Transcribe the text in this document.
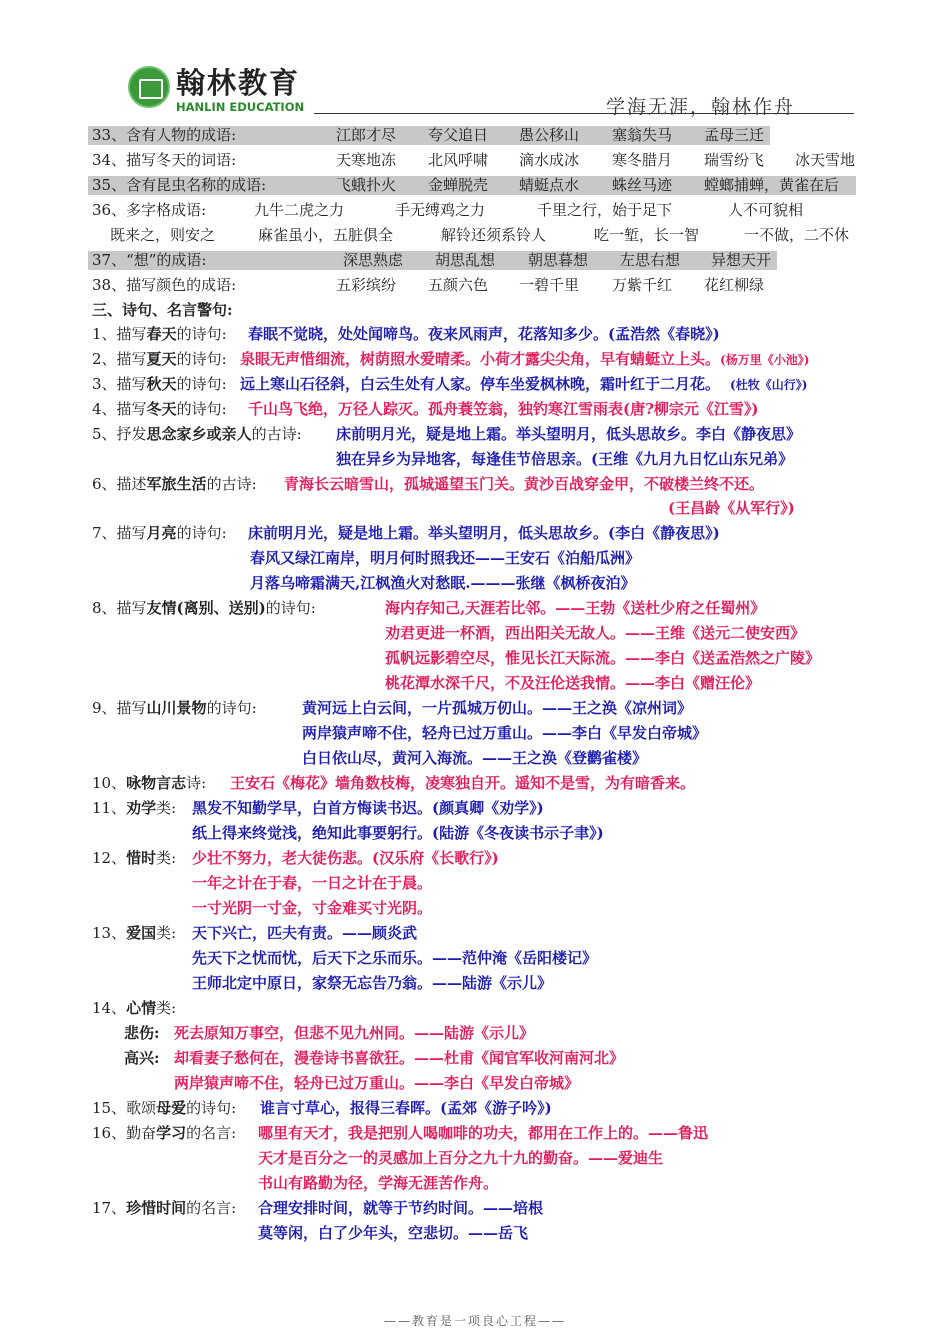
翰林教育
HANLIN EDUCATION	学海无涯，翰林作舟
33、含有人物的成语:	江郎才尽 夸父追日 愚公移山 塞翁失马 孟母三迁
34、描写冬天的词语:	天寒地冻 北风呼啸 滴水成冰 寒冬腊月 瑞雪纷飞 冰天雪地
35、含有昆虫名称的成语:	飞蛾扑火 金蝉脱壳 蜻蜓点水 蛛丝马迹 螳螂捕蝉，黄雀在后
36、多字格成语:	九牛二虎之力	手无缚鸡之力	千里之行，始于足下	人不可貌相
既来之，则安之	麻雀虽小，五脏俱全	解铃还须系铃人	吃一堑，长一智	一不做，二不休
37、“想”的成语:	深思熟虑 胡思乱想 朝思暮想 左思右想 异想天开
38、描写颜色的成语:	五彩缤纷 五颜六色 一碧千里 万紫千红 花红柳绿
三、诗句、名言警句:
1、描写春天的诗句: 春眠不觉晓，处处闻啼鸟。夜来风雨声，花落知多少。(孟浩然《春晓》)
2、描写夏天的诗句: 泉眼无声惜细流，树荫照水爱晴柔。小荷才露尖尖角，早有蜻蜓立上头。(杨万里《小池》)
3、描写秋天的诗句: 远上寒山石径斜，白云生处有人家。停车坐爱枫林晚，霜叶红于二月花。 (杜牧《山行》)
4、描写冬天的诗句: 千山鸟飞绝，万径人踪灭。孤舟蓑笠翁，独钓寒江雪雨表(唐?柳宗元《江雪》)
5、抒发思念家乡或亲人的古诗: 床前明月光，疑是地上霜。举头望明月，低头思故乡。李白《静夜思》
独在异乡为异地客，每逢佳节倍思亲。(王维《九月九日忆山东兄弟》
6、描述军旅生活的古诗: 青海长云暗雪山，孤城遥望玉门关。黄沙百战穿金甲，不破楼兰终不还。
(王昌龄《从军行》)
7、描写月亮的诗句: 床前明月光，疑是地上霜。举头望明月，低头思故乡。(李白《静夜思》)
春风又绿江南岸，明月何时照我还——王安石《泊船瓜洲》
月落乌啼霜满天,江枫渔火对愁眠.———张继《枫桥夜泊》
8、描写友情(离别、送别)的诗句:	海内存知己,天涯若比邻。——王勃《送杜少府之任蜀州》
劝君更进一杯酒，西出阳关无故人。——王维《送元二使安西》
孤帆远影碧空尽，惟见长江天际流。——李白《送孟浩然之广陵》
桃花潭水深千尺，不及汪伦送我情。——李白《赠汪伦》
9、描写山川景物的诗句:	黄河远上白云间，一片孤城万仞山。——王之涣《凉州词》
两岸猿声啼不住，轻舟已过万重山。——李白《早发白帝城》
白日依山尽，黄河入海流。——王之涣《登鹳雀楼》
10、咏物言志诗: 王安石《梅花》墙角数枝梅，凌寒独自开。遥知不是雪，为有暗香来。
11、劝学类: 黑发不知勤学早，白首方悔读书迟。(颜真卿《劝学》)
纸上得来终觉浅，绝知此事要躬行。(陆游《冬夜读书示子聿》)
12、惜时类: 少壮不努力，老大徒伤悲。(汉乐府《长歌行》)
一年之计在于春，一日之计在于晨。
一寸光阴一寸金，寸金难买寸光阴。
13、爱国类: 天下兴亡，匹夫有责。——顾炎武
先天下之忧而忧，后天下之乐而乐。——范仲淹《岳阳楼记》
王师北定中原日，家祭无忘告乃翁。——陆游《示儿》
14、心情类:
悲伤: 死去原知万事空，但悲不见九州同。——陆游《示儿》
高兴: 却看妻子愁何在，漫卷诗书喜欲狂。——杜甫《闻官军收河南河北》
两岸猿声啼不住，轻舟已过万重山。——李白《早发白帝城》
15、歌颂母爱的诗句: 谁言寸草心，报得三春晖。(孟郊《游子吟》)
16、勤奋学习的名言: 哪里有天才，我是把别人喝咖啡的功夫，都用在工作上的。——鲁迅
天才是百分之一的灵感加上百分之九十九的勤奋。——爱迪生
书山有路勤为径，学海无涯苦作舟。
17、珍惜时间的名言: 合理安排时间，就等于节约时间。——培根
莫等闲，白了少年头，空悲切。——岳飞
——教育是一项良心工程——
